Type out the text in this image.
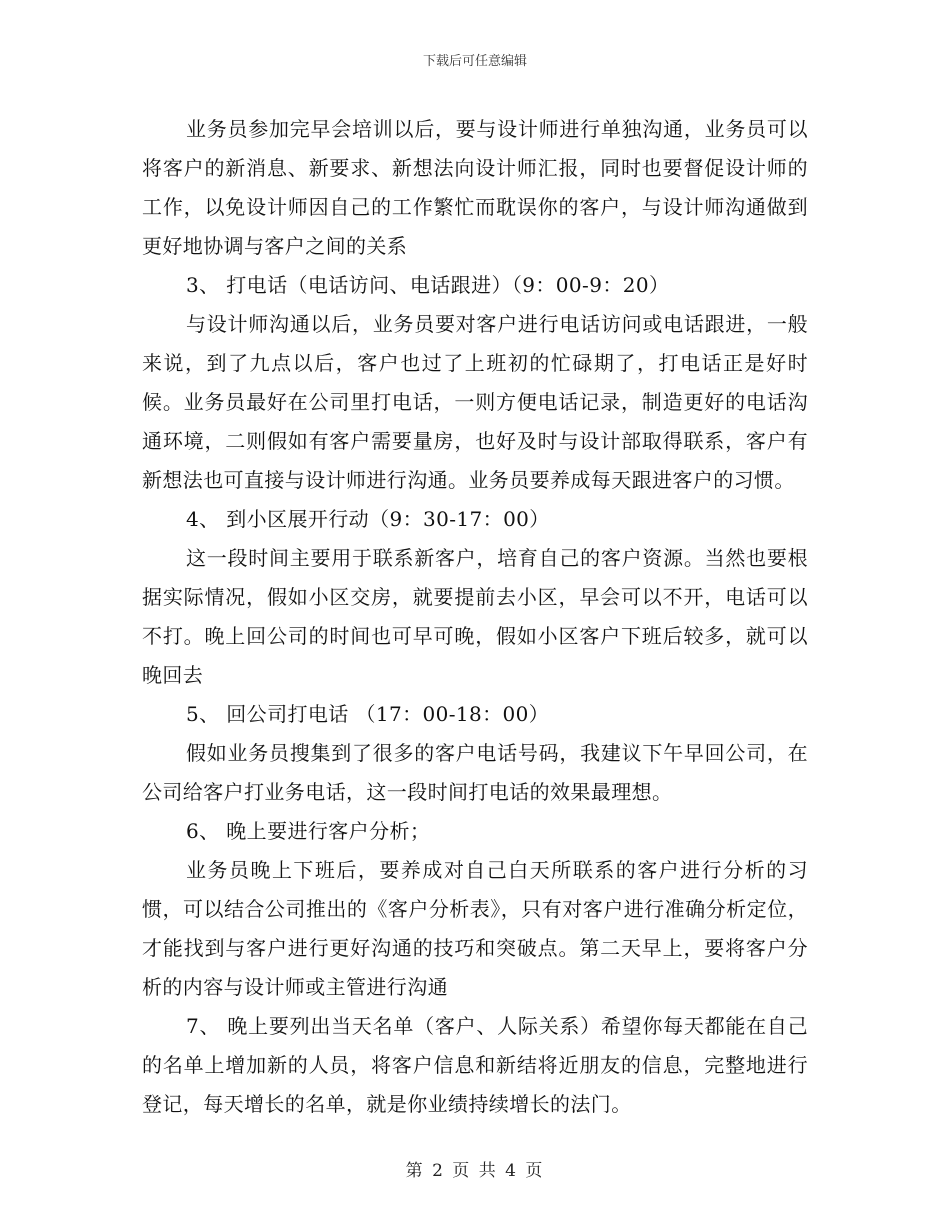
下载后可任意编辑

业务员参加完早会培训以后，要与设计师进行单独沟通，业务员可以将客户的新消息、新要求、新想法向设计师汇报，同时也要督促设计师的工作，以免设计师因自己的工作繁忙而耽误你的客户，与设计师沟通做到更好地协调与客户之间的关系

3、 打电话（电话访问、电话跟进）（9：00-9：20）

与设计师沟通以后，业务员要对客户进行电话访问或电话跟进，一般来说，到了九点以后，客户也过了上班初的忙碌期了，打电话正是好时候。业务员最好在公司里打电话，一则方便电话记录，制造更好的电话沟通环境，二则假如有客户需要量房，也好及时与设计部取得联系，客户有新想法也可直接与设计师进行沟通。业务员要养成每天跟进客户的习惯。

4、 到小区展开行动（9：30-17：00）

这一段时间主要用于联系新客户，培育自己的客户资源。当然也要根据实际情况，假如小区交房，就要提前去小区，早会可以不开，电话可以不打。晚上回公司的时间也可早可晚，假如小区客户下班后较多，就可以晚回去

5、 回公司打电话 （17：00-18：00）

假如业务员搜集到了很多的客户电话号码，我建议下午早回公司，在公司给客户打业务电话，这一段时间打电话的效果最理想。

6、 晚上要进行客户分析；

业务员晚上下班后，要养成对自己白天所联系的客户进行分析的习惯，可以结合公司推出的《客户分析表》，只有对客户进行准确分析定位，才能找到与客户进行更好沟通的技巧和突破点。第二天早上，要将客户分析的内容与设计师或主管进行沟通

7、 晚上要列出当天名单（客户、人际关系）希望你每天都能在自己的名单上增加新的人员，将客户信息和新结将近朋友的信息，完整地进行登记，每天增长的名单，就是你业绩持续增长的法门。

第 2 页 共 4 页
